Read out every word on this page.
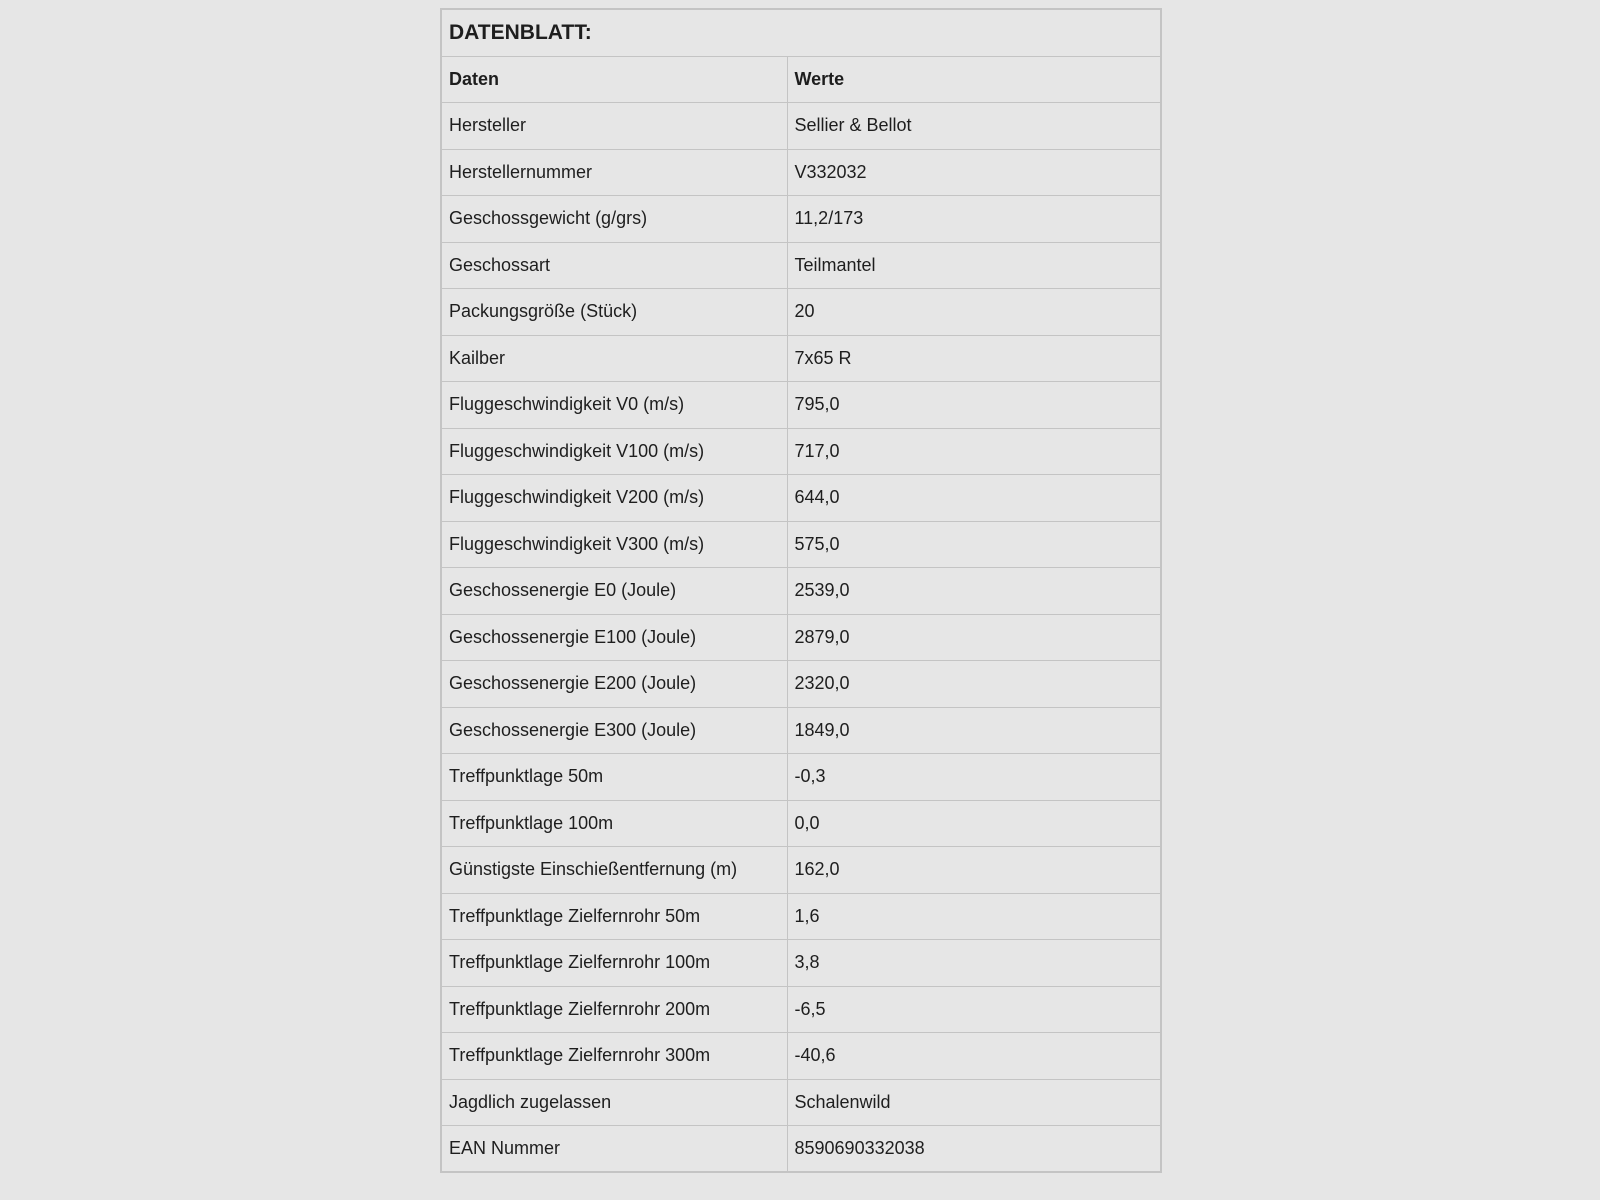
DATENBLATT:	
Daten	Werte
Hersteller	Sellier & Bellot
Herstellernummer	V332032
Geschossgewicht (g/grs)	11,2/173
Geschossart	Teilmantel
Packungsgröße (Stück)	20
Kailber	7x65 R
Fluggeschwindigkeit V0 (m/s)	795,0
Fluggeschwindigkeit V100 (m/s)	717,0
Fluggeschwindigkeit V200 (m/s)	644,0
Fluggeschwindigkeit V300 (m/s)	575,0
Geschossenergie E0 (Joule)	2539,0
Geschossenergie E100 (Joule)	2879,0
Geschossenergie E200 (Joule)	2320,0
Geschossenergie E300 (Joule)	1849,0
Treffpunktlage 50m	-0,3
Treffpunktlage 100m	0,0
Günstigste Einschießentfernung (m)	162,0
Treffpunktlage Zielfernrohr 50m	1,6
Treffpunktlage Zielfernrohr 100m	3,8
Treffpunktlage Zielfernrohr 200m	-6,5
Treffpunktlage Zielfernrohr 300m	-40,6
Jagdlich zugelassen	Schalenwild
EAN Nummer	8590690332038
